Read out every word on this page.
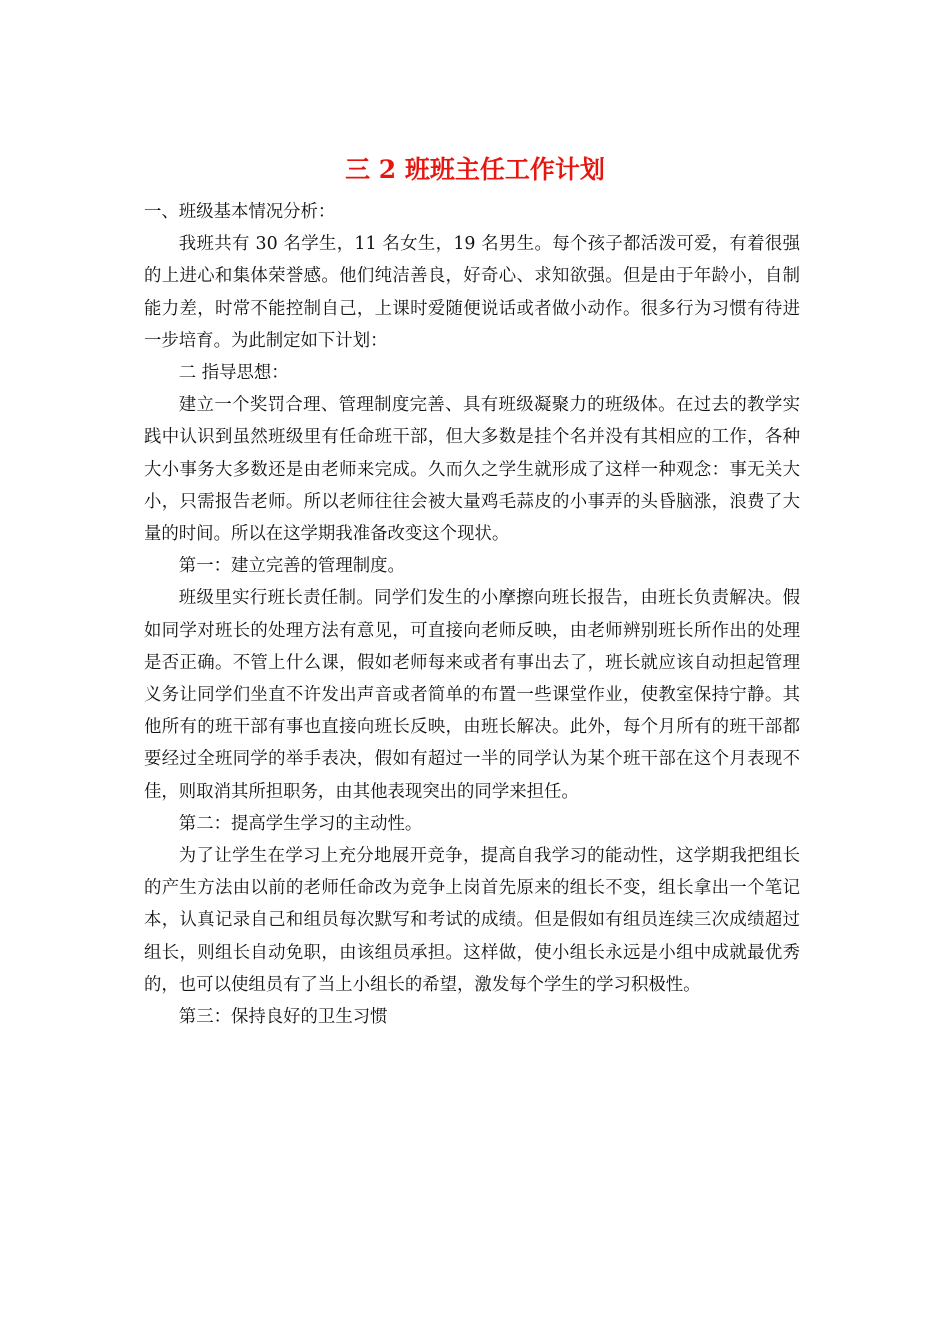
三 2 班班主任工作计划

一、班级基本情况分析：

我班共有 30 名学生，11 名女生，19 名男生。每个孩子都活泼可爱，有着很强的上进心和集体荣誉感。他们纯洁善良，好奇心、求知欲强。但是由于年龄小，自制能力差，时常不能控制自己，上课时爱随便说话或者做小动作。很多行为习惯有待进一步培育。为此制定如下计划：

二 指导思想：

建立一个奖罚合理、管理制度完善、具有班级凝聚力的班级体。在过去的教学实践中认识到虽然班级里有任命班干部，但大多数是挂个名并没有其相应的工作，各种大小事务大多数还是由老师来完成。久而久之学生就形成了这样一种观念：事无关大小，只需报告老师。所以老师往往会被大量鸡毛蒜皮的小事弄的头昏脑涨，浪费了大量的时间。所以在这学期我准备改变这个现状。

第一：建立完善的管理制度。

班级里实行班长责任制。同学们发生的小摩擦向班长报告，由班长负责解决。假如同学对班长的处理方法有意见，可直接向老师反映，由老师辨别班长所作出的处理是否正确。不管上什么课，假如老师每来或者有事出去了，班长就应该自动担起管理义务让同学们坐直不许发出声音或者简单的布置一些课堂作业，使教室保持宁静。其他所有的班干部有事也直接向班长反映，由班长解决。此外，每个月所有的班干部都要经过全班同学的举手表决，假如有超过一半的同学认为某个班干部在这个月表现不佳，则取消其所担职务，由其他表现突出的同学来担任。

第二：提高学生学习的主动性。

为了让学生在学习上充分地展开竞争，提高自我学习的能动性，这学期我把组长的产生方法由以前的老师任命改为竞争上岗首先原来的组长不变，组长拿出一个笔记本，认真记录自己和组员每次默写和考试的成绩。但是假如有组员连续三次成绩超过组长，则组长自动免职，由该组员承担。这样做，使小组长永远是小组中成就最优秀的，也可以使组员有了当上小组长的希望，激发每个学生的学习积极性。

第三：保持良好的卫生习惯
